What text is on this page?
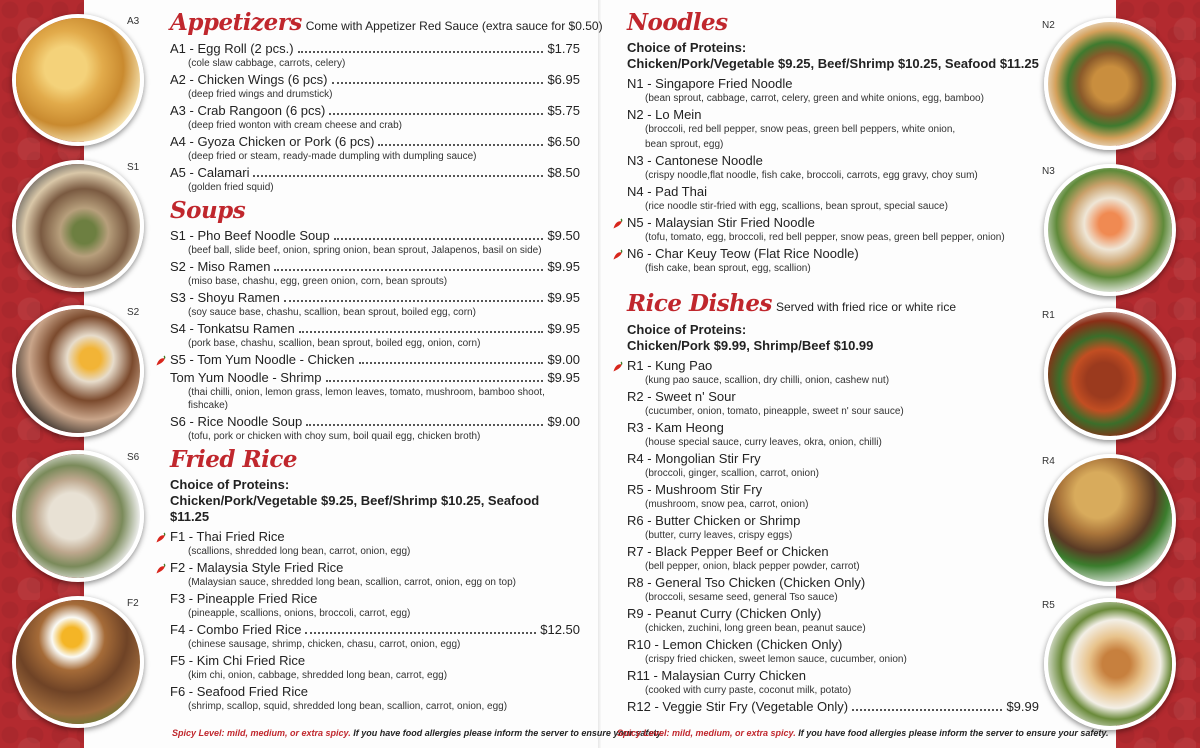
A3
S1
S2
S6
F2
N2
N3
R1
R4
R5
Appetizers Come with Appetizer Red Sauce (extra sauce for $0.50)
A1 - Egg Roll (2 pcs.)	$1.75
(cole slaw cabbage, carrots, celery)
A2 - Chicken Wings (6 pcs)	$6.95
(deep fried wings and drumstick)
A3 - Crab Rangoon (6 pcs)	$5.75
(deep fried wonton with cream cheese and crab)
A4 - Gyoza Chicken or Pork (6 pcs)	$6.50
(deep fried or steam, ready-made dumpling with dumpling sauce)
A5 - Calamari	$8.50
(golden fried squid)
Soups
S1 - Pho Beef Noodle Soup	$9.50
(beef ball, slide beef, onion, spring onion, bean sprout, Jalapenos, basil on side)
S2 - Miso Ramen	$9.95
(miso base, chashu, egg, green onion, corn, bean sprouts)
S3 - Shoyu Ramen	$9.95
(soy sauce base, chashu, scallion, bean sprout, boiled egg, corn)
S4 - Tonkatsu Ramen	$9.95
(pork base, chashu, scallion, bean sprout, boiled egg, onion, corn)
S5 - Tom Yum Noodle - Chicken	$9.00
Tom Yum Noodle - Shrimp	$9.95
(thai chilli, onion, lemon grass, lemon leaves, tomato, mushroom, bamboo shoot, fishcake)
S6 - Rice Noodle Soup	$9.00
(tofu, pork or chicken with choy sum, boil quail egg, chicken broth)
Fried Rice
Choice of Proteins:
Chicken/Pork/Vegetable $9.25, Beef/Shrimp $10.25, Seafood $11.25
F1 - Thai Fried Rice
(scallions, shredded long bean, carrot, onion, egg)
F2 - Malaysia Style Fried Rice
(Malaysian sauce, shredded long bean, scallion, carrot, onion, egg on top)
F3 - Pineapple Fried Rice
(pineapple, scallions, onions, broccoli, carrot, egg)
F4 - Combo Fried Rice	$12.50
(chinese sausage, shrimp, chicken, chasu, carrot, onion, egg)
F5 - Kim Chi Fried Rice
(kim chi, onion, cabbage, shredded long bean, carrot, egg)
F6 - Seafood Fried Rice
(shrimp, scallop, squid, shredded long bean, scallion, carrot, onion, egg)
Noodles
Choice of Proteins:
Chicken/Pork/Vegetable $9.25, Beef/Shrimp $10.25, Seafood $11.25
N1 - Singapore Fried Noodle
(bean sprout, cabbage, carrot, celery, green and white onions, egg, bamboo)
N2 - Lo Mein
(broccoli, red bell pepper, snow peas, green bell peppers, white onion,
bean sprout, egg)
N3 - Cantonese Noodle
(crispy noodle,flat noodle, fish cake, broccoli, carrots, egg gravy, choy sum)
N4 - Pad Thai
(rice noodle stir-fried with egg, scallions, bean sprout, special sauce)
N5 - Malaysian Stir Fried Noodle
(tofu, tomato, egg, broccoli, red bell pepper, snow peas, green bell pepper, onion)
N6 - Char Keuy Teow (Flat Rice Noodle)
(fish cake, bean sprout, egg, scallion)
Rice Dishes Served with fried rice or white rice
Choice of Proteins:
Chicken/Pork $9.99, Shrimp/Beef $10.99
R1 - Kung Pao
(kung pao sauce, scallion, dry chilli, onion, cashew nut)
R2 - Sweet n' Sour
(cucumber, onion, tomato, pineapple, sweet n' sour sauce)
R3 - Kam Heong
(house special sauce, curry leaves, okra, onion, chilli)
R4 - Mongolian Stir Fry
(broccoli, ginger, scallion, carrot, onion)
R5 - Mushroom Stir Fry
(mushroom, snow pea, carrot, onion)
R6 - Butter Chicken or Shrimp
(butter, curry leaves, crispy eggs)
R7 - Black Pepper Beef or Chicken
(bell pepper, onion, black pepper powder, carrot)
R8 - General Tso Chicken (Chicken Only)
(broccoli, sesame seed, general Tso sauce)
R9 - Peanut Curry (Chicken Only)
(chicken, zuchini, long green bean, peanut sauce)
R10 - Lemon Chicken (Chicken Only)
(crispy fried chicken, sweet lemon sauce, cucumber, onion)
R11 - Malaysian Curry Chicken
(cooked with curry paste, coconut milk, potato)
R12 - Veggie Stir Fry (Vegetable Only)	$9.99
Spicy Level: mild, medium, or extra spicy. If you have food allergies please inform the server to ensure your safety.
Spicy Level: mild, medium, or extra spicy. If you have food allergies please inform the server to ensure your safety.
